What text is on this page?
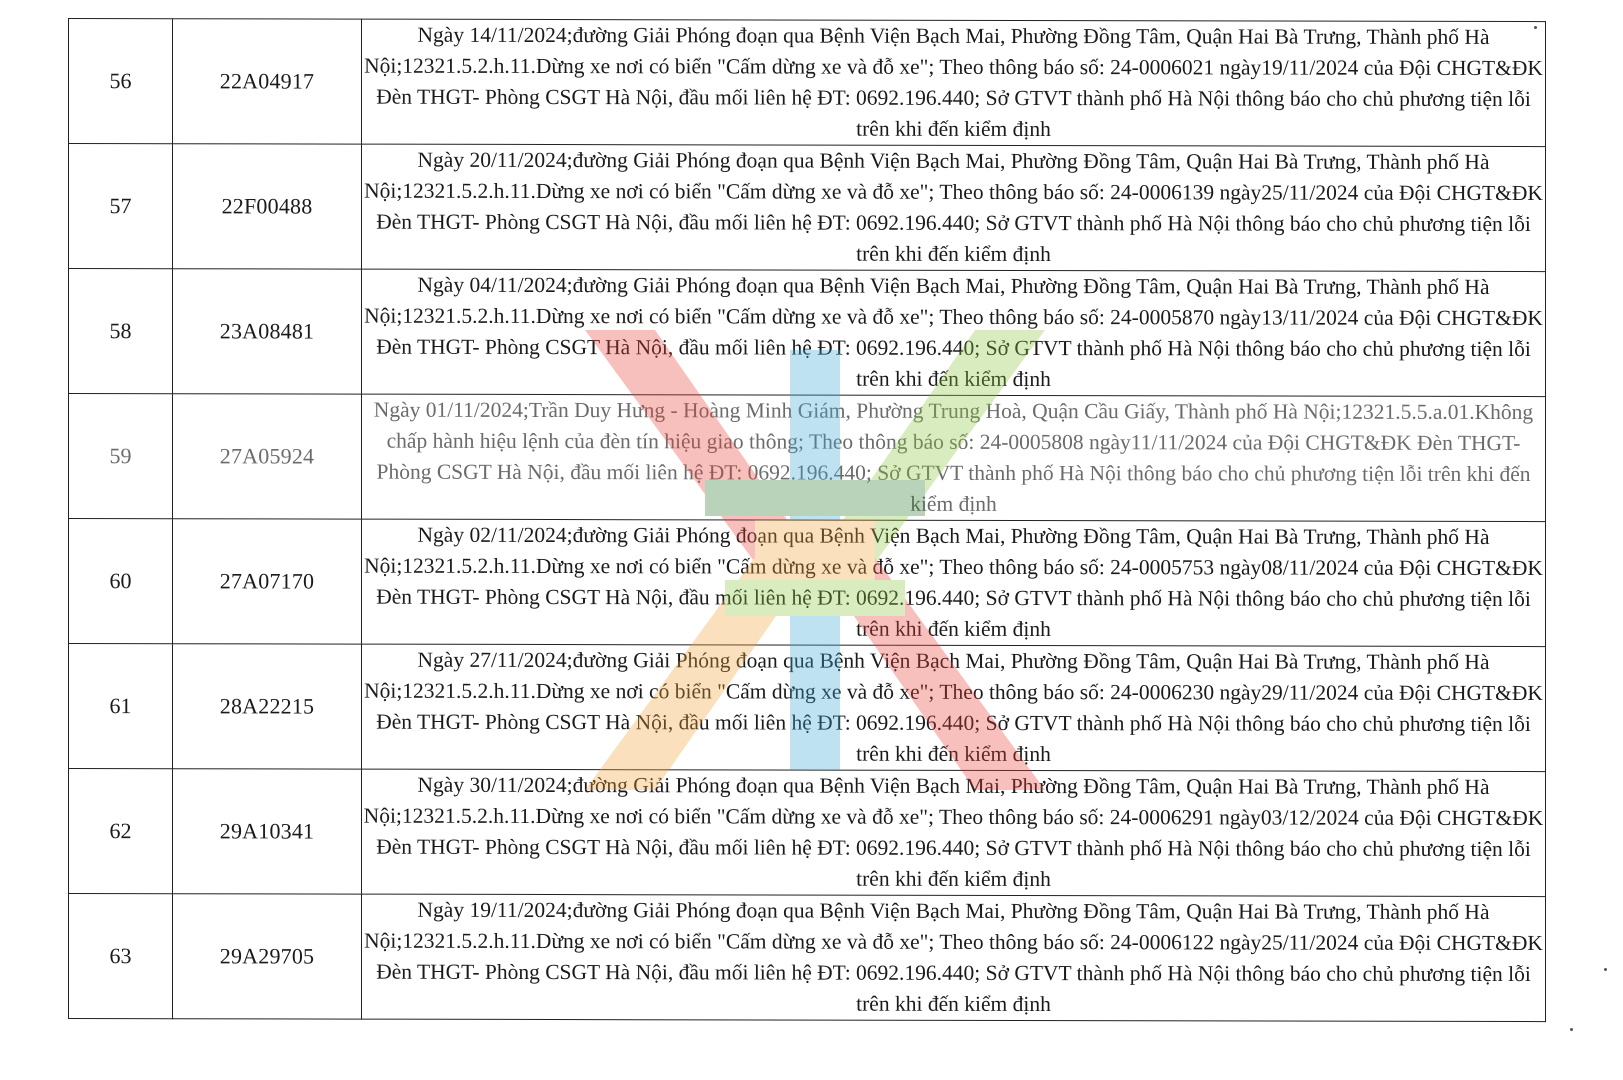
56	22A04917	Ngày 14/11/2024;đường Giải Phóng đoạn qua Bệnh Viện Bạch Mai, Phường Đồng Tâm, Quận Hai Bà Trưng, Thành phố Hà Nội;12321.5.2.h.11.Dừng xe nơi có biển "Cấm dừng xe và đỗ xe"; Theo thông báo số: 24-0006021 ngày19/11/2024 của Đội CHGT&ĐK Đèn THGT- Phòng CSGT Hà Nội, đầu mối liên hệ ĐT: 0692.196.440; Sở GTVT thành phố Hà Nội thông báo cho chủ phương tiện lỗi trên khi đến kiểm định
57	22F00488	Ngày 20/11/2024;đường Giải Phóng đoạn qua Bệnh Viện Bạch Mai, Phường Đồng Tâm, Quận Hai Bà Trưng, Thành phố Hà Nội;12321.5.2.h.11.Dừng xe nơi có biển "Cấm dừng xe và đỗ xe"; Theo thông báo số: 24-0006139 ngày25/11/2024 của Đội CHGT&ĐK Đèn THGT- Phòng CSGT Hà Nội, đầu mối liên hệ ĐT: 0692.196.440; Sở GTVT thành phố Hà Nội thông báo cho chủ phương tiện lỗi trên khi đến kiểm định
58	23A08481	Ngày 04/11/2024;đường Giải Phóng đoạn qua Bệnh Viện Bạch Mai, Phường Đồng Tâm, Quận Hai Bà Trưng, Thành phố Hà Nội;12321.5.2.h.11.Dừng xe nơi có biển "Cấm dừng xe và đỗ xe"; Theo thông báo số: 24-0005870 ngày13/11/2024 của Đội CHGT&ĐK Đèn THGT- Phòng CSGT Hà Nội, đầu mối liên hệ ĐT: 0692.196.440; Sở GTVT thành phố Hà Nội thông báo cho chủ phương tiện lỗi trên khi đến kiểm định
59	27A05924	Ngày 01/11/2024;Trần Duy Hưng - Hoàng Minh Giám, Phường Trung Hoà, Quận Cầu Giấy, Thành phố Hà Nội;12321.5.5.a.01.Không chấp hành hiệu lệnh của đèn tín hiệu giao thông; Theo thông báo số: 24-0005808 ngày11/11/2024 của Đội CHGT&ĐK Đèn THGT- Phòng CSGT Hà Nội, đầu mối liên hệ ĐT: 0692.196.440; Sở GTVT thành phố Hà Nội thông báo cho chủ phương tiện lỗi trên khi đến kiểm định
60	27A07170	Ngày 02/11/2024;đường Giải Phóng đoạn qua Bệnh Viện Bạch Mai, Phường Đồng Tâm, Quận Hai Bà Trưng, Thành phố Hà Nội;12321.5.2.h.11.Dừng xe nơi có biển "Cấm dừng xe và đỗ xe"; Theo thông báo số: 24-0005753 ngày08/11/2024 của Đội CHGT&ĐK Đèn THGT- Phòng CSGT Hà Nội, đầu mối liên hệ ĐT: 0692.196.440; Sở GTVT thành phố Hà Nội thông báo cho chủ phương tiện lỗi trên khi đến kiểm định
61	28A22215	Ngày 27/11/2024;đường Giải Phóng đoạn qua Bệnh Viện Bạch Mai, Phường Đồng Tâm, Quận Hai Bà Trưng, Thành phố Hà Nội;12321.5.2.h.11.Dừng xe nơi có biển "Cấm dừng xe và đỗ xe"; Theo thông báo số: 24-0006230 ngày29/11/2024 của Đội CHGT&ĐK Đèn THGT- Phòng CSGT Hà Nội, đầu mối liên hệ ĐT: 0692.196.440; Sở GTVT thành phố Hà Nội thông báo cho chủ phương tiện lỗi trên khi đến kiểm định
62	29A10341	Ngày 30/11/2024;đường Giải Phóng đoạn qua Bệnh Viện Bạch Mai, Phường Đồng Tâm, Quận Hai Bà Trưng, Thành phố Hà Nội;12321.5.2.h.11.Dừng xe nơi có biển "Cấm dừng xe và đỗ xe"; Theo thông báo số: 24-0006291 ngày03/12/2024 của Đội CHGT&ĐK Đèn THGT- Phòng CSGT Hà Nội, đầu mối liên hệ ĐT: 0692.196.440; Sở GTVT thành phố Hà Nội thông báo cho chủ phương tiện lỗi trên khi đến kiểm định
63	29A29705	Ngày 19/11/2024;đường Giải Phóng đoạn qua Bệnh Viện Bạch Mai, Phường Đồng Tâm, Quận Hai Bà Trưng, Thành phố Hà Nội;12321.5.2.h.11.Dừng xe nơi có biển "Cấm dừng xe và đỗ xe"; Theo thông báo số: 24-0006122 ngày25/11/2024 của Đội CHGT&ĐK Đèn THGT- Phòng CSGT Hà Nội, đầu mối liên hệ ĐT: 0692.196.440; Sở GTVT thành phố Hà Nội thông báo cho chủ phương tiện lỗi trên khi đến kiểm định
